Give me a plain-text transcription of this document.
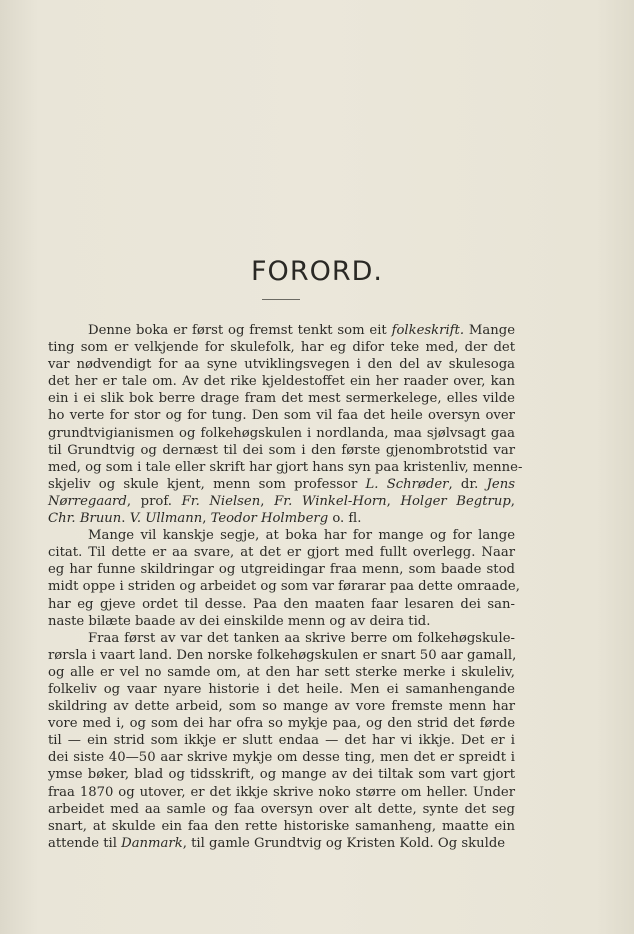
FORORD.
Denne boka er først og fremst tenkt som eit folkeskrift. Mange
ting som er velkjende for skulefolk, har eg difor teke med, der det
var nødvendigt for aa syne utviklingsvegen i den del av skulesoga
det her er tale om. Av det rike kjeldestoffet ein her raader over, kan
ein i ei slik bok berre drage fram det mest sermerkelege, elles vilde
ho verte for stor og for tung. Den som vil faa det heile oversyn over
grundtvigianismen og folkehøgskulen i nordlanda, maa sjølvsagt gaa
til Grundtvig og dernæst til dei som i den første gjenombrotstid var
med, og som i tale eller skrift har gjort hans syn paa kristenliv, menne-
skjeliv og skule kjent, menn som professor L. Schrøder, dr. Jens
Nørregaard, prof. Fr. Nielsen, Fr. Winkel-Horn, Holger Begtrup,
Chr. Bruun. V. Ullmann, Teodor Holmberg o. fl.
Mange vil kanskje segje, at boka har for mange og for lange
citat. Til dette er aa svare, at det er gjort med fullt overlegg. Naar
eg har funne skildringar og utgreidingar fraa menn, som baade stod
midt oppe i striden og arbeidet og som var førarar paa dette omraade,
har eg gjeve ordet til desse. Paa den maaten faar lesaren dei san-
naste bilæte baade av dei einskilde menn og av deira tid.
Fraa først av var det tanken aa skrive berre om folkehøgskule-
rørsla i vaart land. Den norske folkehøgskulen er snart 50 aar gamall,
og alle er vel no samde om, at den har sett sterke merke i skuleliv,
folkeliv og vaar nyare historie i det heile. Men ei samanhengande
skildring av dette arbeid, som so mange av vore fremste menn har
vore med i, og som dei har ofra so mykje paa, og den strid det førde
til — ein strid som ikkje er slutt endaa — det har vi ikkje. Det er i
dei siste 40—50 aar skrive mykje om desse ting, men det er spreidt i
ymse bøker, blad og tidsskrift, og mange av dei tiltak som vart gjort
fraa 1870 og utover, er det ikkje skrive noko større om heller. Under
arbeidet med aa samle og faa oversyn over alt dette, synte det seg
snart, at skulde ein faa den rette historiske samanheng, maatte ein
attende til Danmark, til gamle Grundtvig og Kristen Kold. Og skulde
